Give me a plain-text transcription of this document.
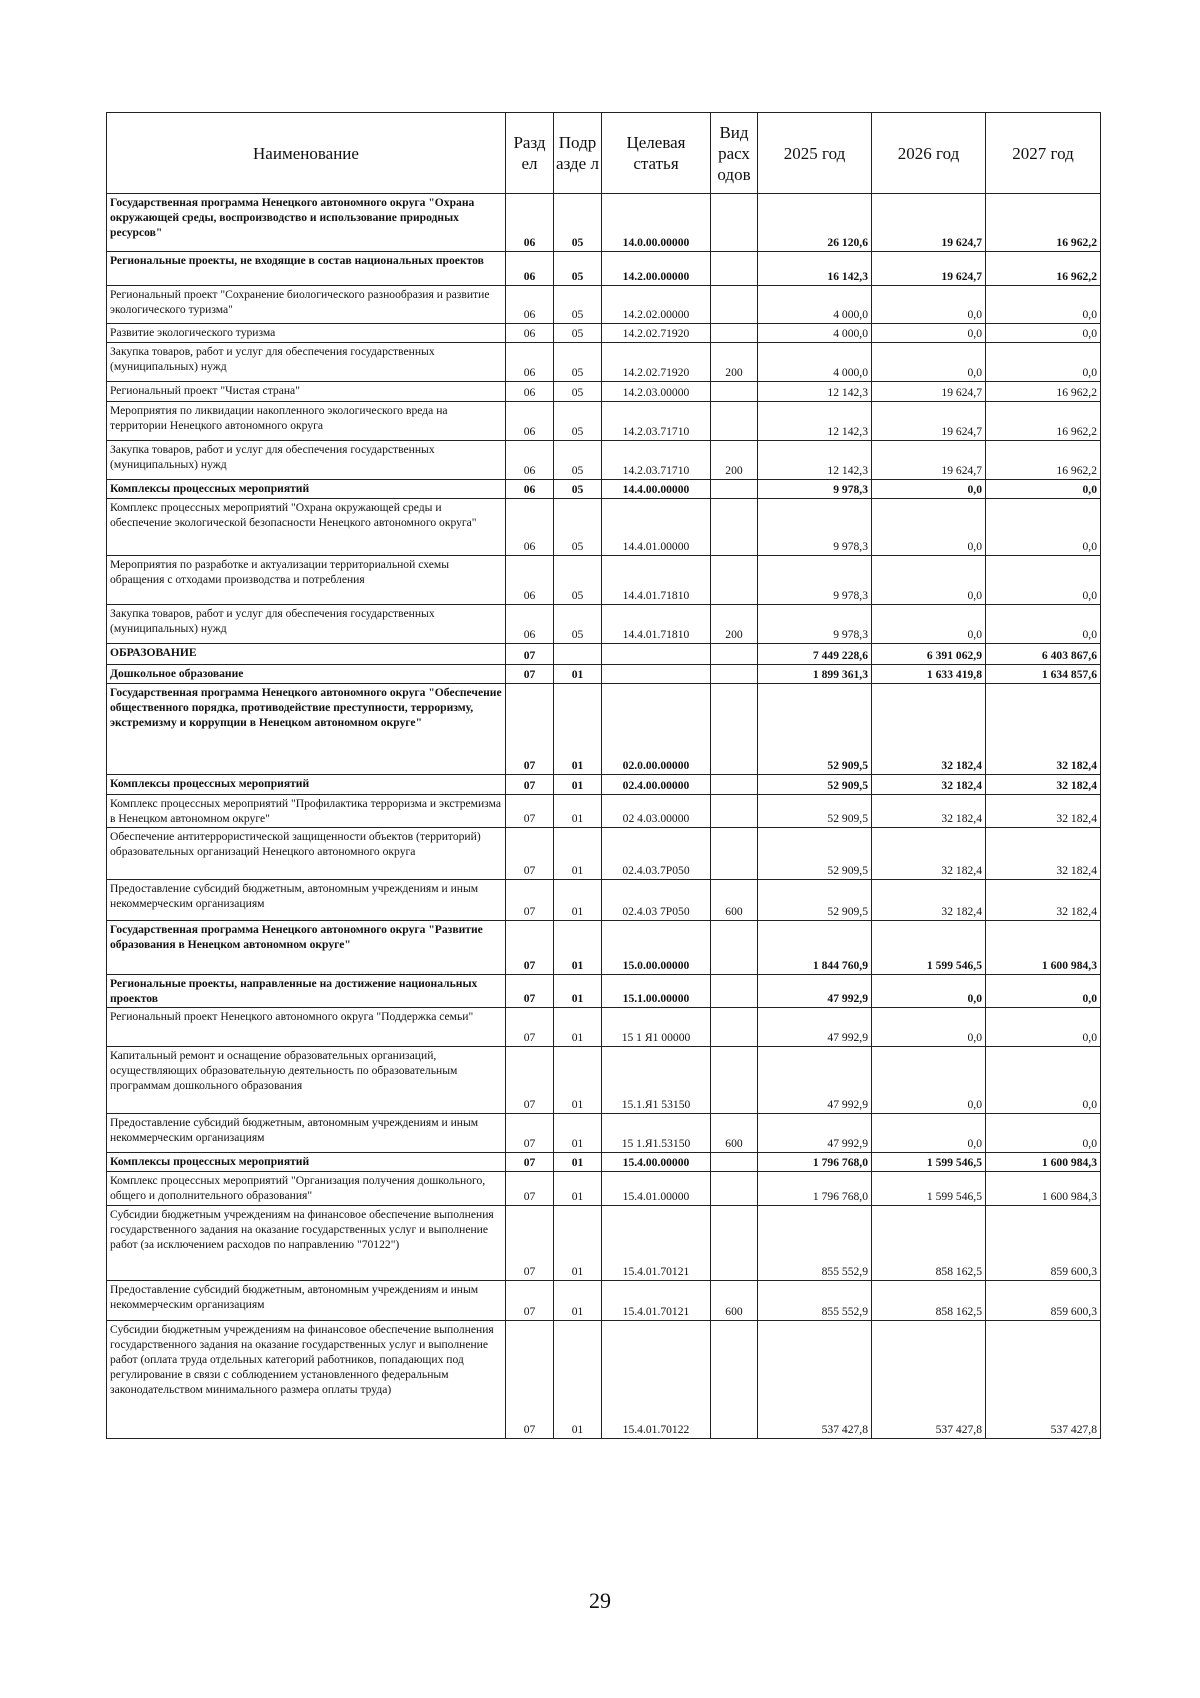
Наименование	Разд ел	Подр азде л	Целевая статья	Вид расх одов	2025 год	2026 год	2027 год
Государственная программа Ненецкого автономного округа "Охрана окружающей среды, воспроизводство и использование природных ресурсов"	06	05	14.0.00.00000		26 120,6	19 624,7	16 962,2
Региональные проекты, не входящие в состав национальных проектов	06	05	14.2.00.00000		16 142,3	19 624,7	16 962,2
Региональный проект "Сохранение биологического разнообразия и развитие экологического туризма"	06	05	14.2.02.00000		4 000,0	0,0	0,0
Развитие экологического туризма	06	05	14.2.02.71920		4 000,0	0,0	0,0
Закупка товаров, работ и услуг для обеспечения государственных (муниципальных) нужд	06	05	14.2.02.71920	200	4 000,0	0,0	0,0
Региональный проект "Чистая страна"	06	05	14.2.03.00000		12 142,3	19 624,7	16 962,2
Мероприятия по ликвидации накопленного экологического вреда на территории Ненецкого автономного округа	06	05	14.2.03.71710		12 142,3	19 624,7	16 962,2
Закупка товаров, работ и услуг для обеспечения государственных (муниципальных) нужд	06	05	14.2.03.71710	200	12 142,3	19 624,7	16 962,2
Комплексы процессных мероприятий	06	05	14.4.00.00000		9 978,3	0,0	0,0
Комплекс процессных мероприятий "Охрана окружающей среды и обеспечение экологической безопасности Ненецкого автономного округа"	06	05	14.4.01.00000		9 978,3	0,0	0,0
Мероприятия по разработке и актуализации территориальной схемы обращения с отходами производства и потребления	06	05	14.4.01.71810		9 978,3	0,0	0,0
Закупка товаров, работ и услуг для обеспечения государственных (муниципальных) нужд	06	05	14.4.01.71810	200	9 978,3	0,0	0,0
ОБРАЗОВАНИЕ	07				7 449 228,6	6 391 062,9	6 403 867,6
Дошкольное образование	07	01			1 899 361,3	1 633 419,8	1 634 857,6
Государственная программа Ненецкого автономного округа "Обеспечение общественного порядка, противодействие преступности, терроризму, экстремизму и коррупции в Ненецком автономном округе"	07	01	02.0.00.00000		52 909,5	32 182,4	32 182,4
Комплексы процессных мероприятий	07	01	02.4.00.00000		52 909,5	32 182,4	32 182,4
Комплекс процессных мероприятий "Профилактика терроризма и экстремизма в Ненецком автономном округе"	07	01	02 4.03.00000		52 909,5	32 182,4	32 182,4
Обеспечение антитеррористической защищенности объектов (территорий) образовательных организаций Ненецкого автономного округа	07	01	02.4.03.7Р050		52 909,5	32 182,4	32 182,4
Предоставление субсидий бюджетным, автономным учреждениям и иным некоммерческим организациям	07	01	02.4.03 7Р050	600	52 909,5	32 182,4	32 182,4
Государственная программа Ненецкого автономного округа "Развитие образования в Ненецком автономном округе"	07	01	15.0.00.00000		1 844 760,9	1 599 546,5	1 600 984,3
Региональные проекты, направленные на достижение национальных проектов	07	01	15.1.00.00000		47 992,9	0,0	0,0
Региональный проект Ненецкого автономного округа "Поддержка семьи"	07	01	15 1 Я1 00000		47 992,9	0,0	0,0
Капитальный ремонт и оснащение образовательных организаций, осуществляющих образовательную деятельность по образовательным программам дошкольного образования	07	01	15.1.Я1 53150		47 992,9	0,0	0,0
Предоставление субсидий бюджетным, автономным учреждениям и иным некоммерческим организациям	07	01	15 1.Я1.53150	600	47 992,9	0,0	0,0
Комплексы процессных мероприятий	07	01	15.4.00.00000		1 796 768,0	1 599 546,5	1 600 984,3
Комплекс процессных мероприятий "Организация получения дошкольного, общего и дополнительного образования"	07	01	15.4.01.00000		1 796 768,0	1 599 546,5	1 600 984,3
Субсидии бюджетным учреждениям на финансовое обеспечение выполнения государственного задания на оказание государственных услуг и выполнение работ (за исключением расходов по направлению "70122")	07	01	15.4.01.70121		855 552,9	858 162,5	859 600,3
Предоставление субсидий бюджетным, автономным учреждениям и иным некоммерческим организациям	07	01	15.4.01.70121	600	855 552,9	858 162,5	859 600,3
Субсидии бюджетным учреждениям на финансовое обеспечение выполнения государственного задания на оказание государственных услуг и выполнение работ (оплата труда отдельных категорий работников, попадающих под регулирование в связи с соблюдением установленного федеральным законодательством минимального размера оплаты труда)	07	01	15.4.01.70122		537 427,8	537 427,8	537 427,8
29
